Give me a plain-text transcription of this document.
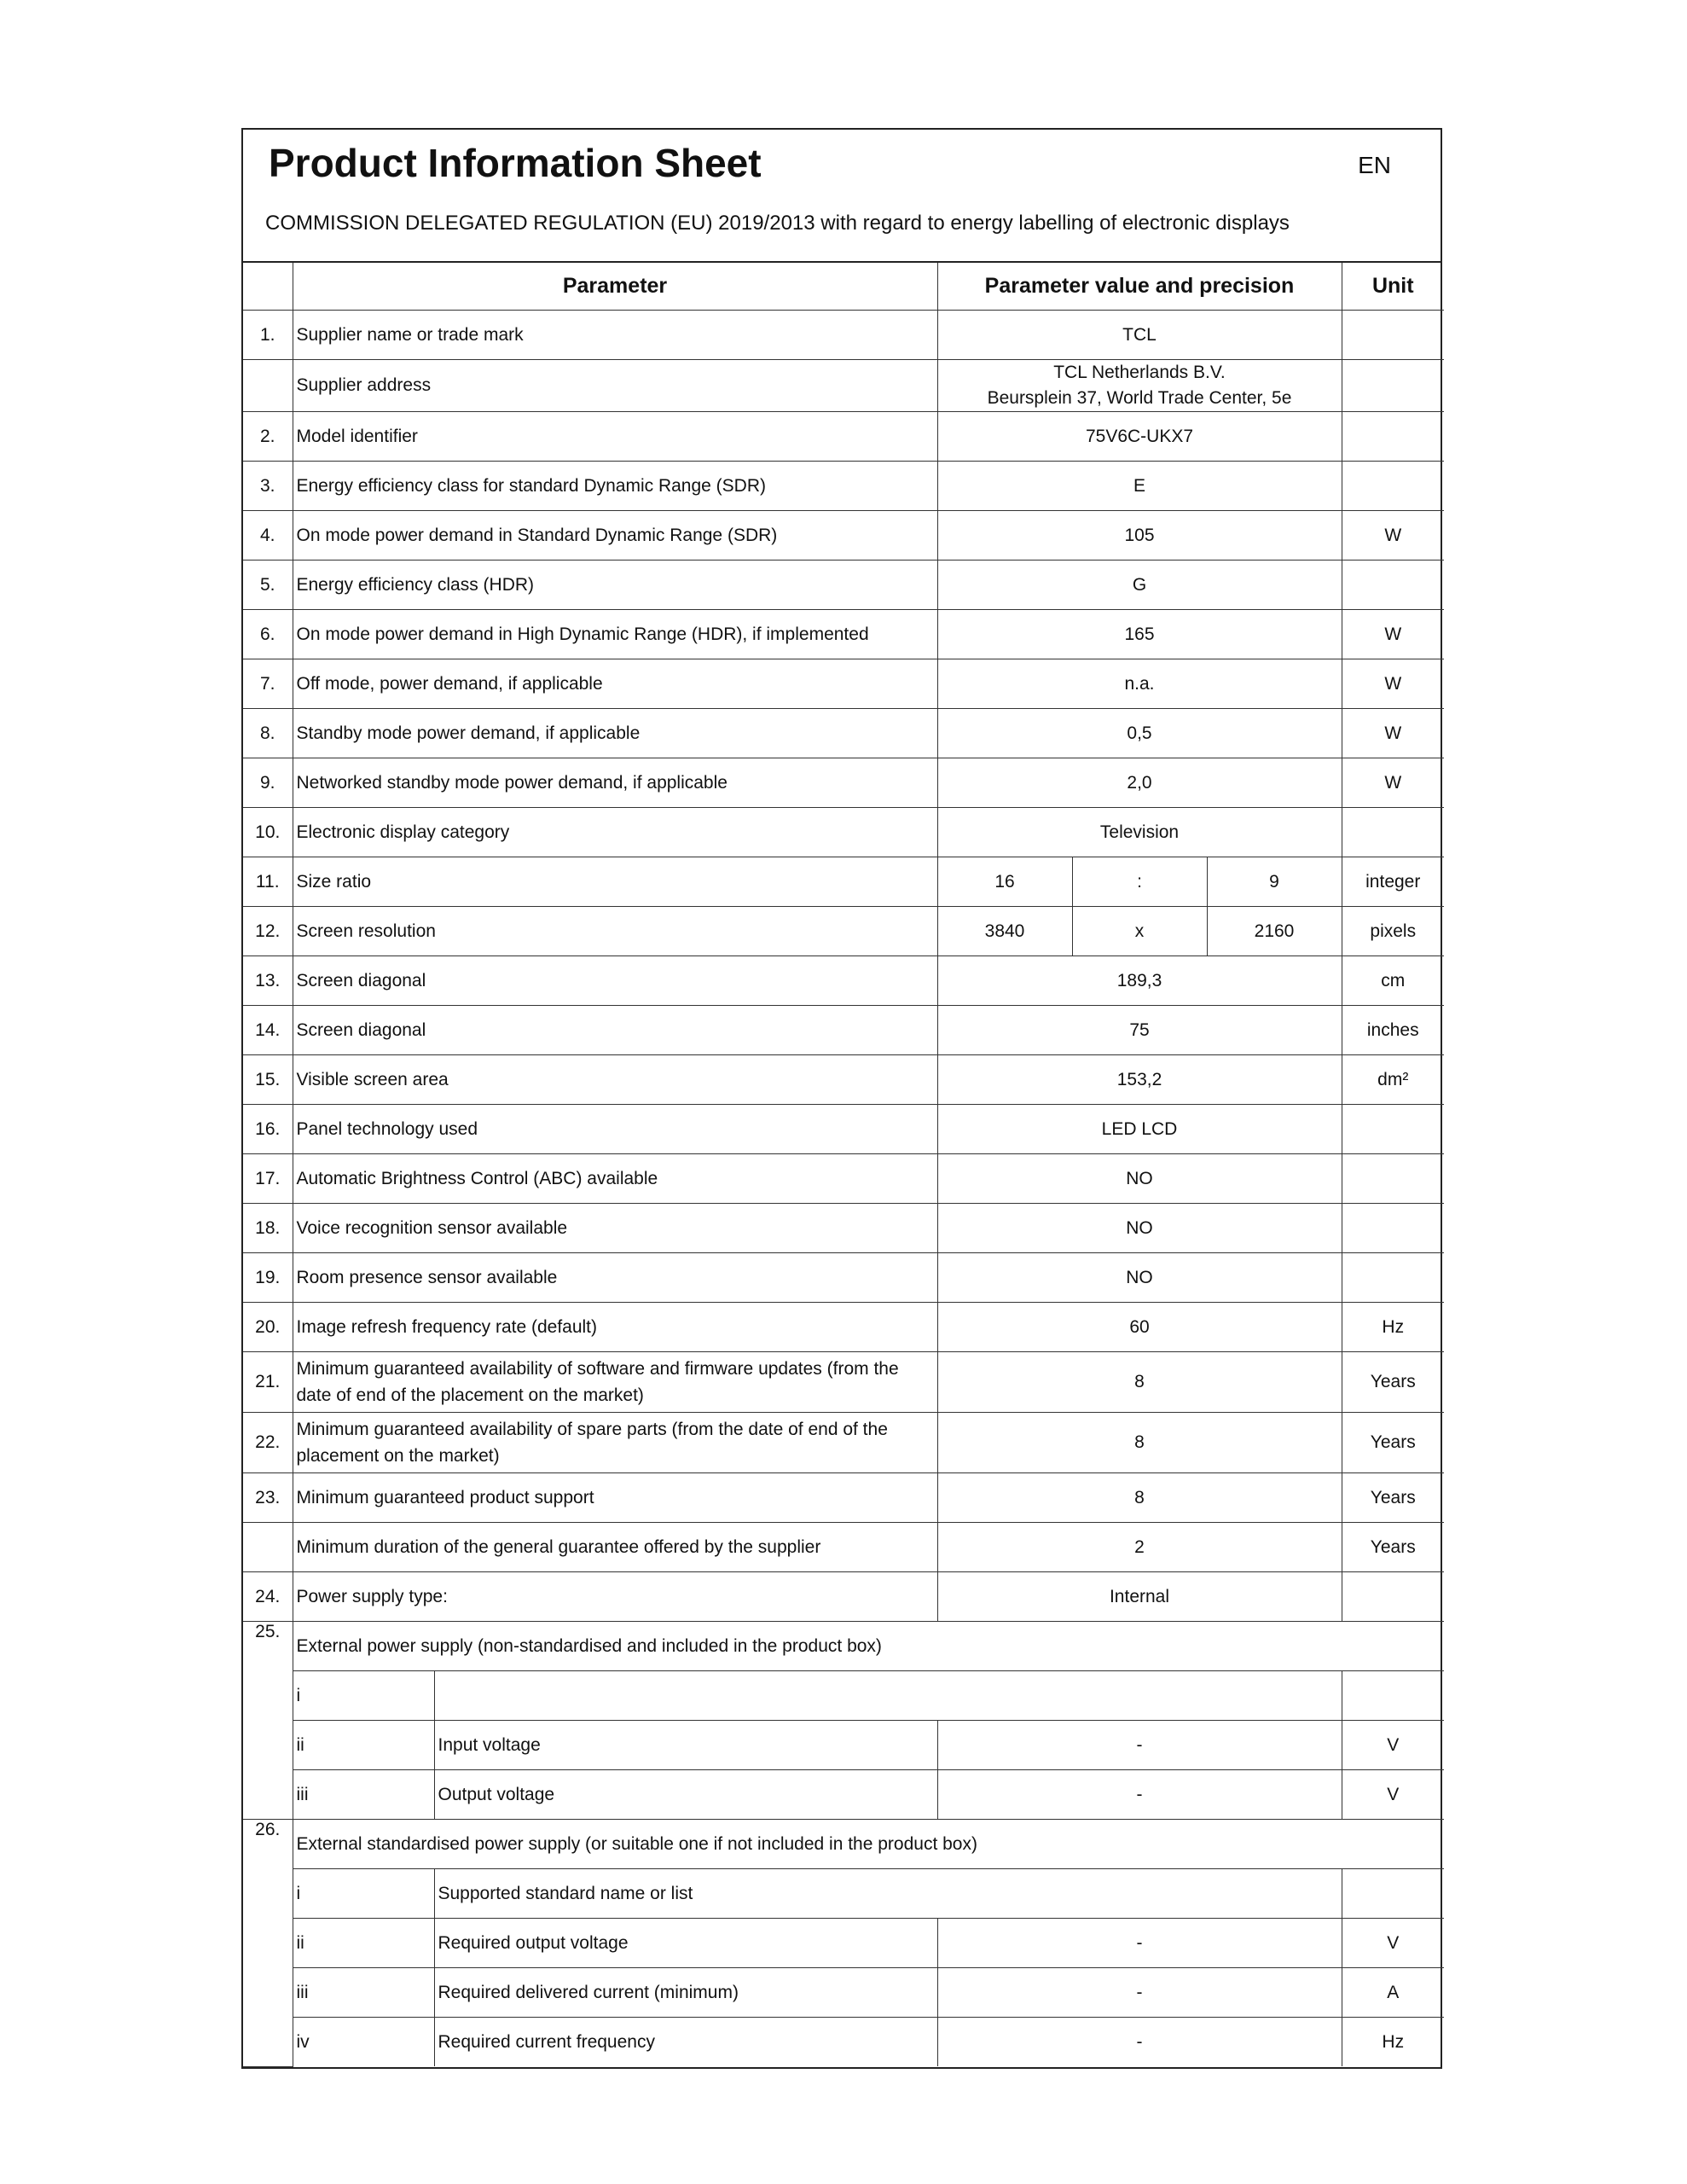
Product Information Sheet	EN
COMMISSION DELEGATED REGULATION (EU) 2019/2013 with regard to energy labelling of electronic displays
	Parameter		Parameter value and precision			Unit
1.	Supplier name or trade mark		TCL			
	Supplier address		TCL Netherlands B.V.
Beursplein 37, World Trade Center, 5e			

2.	Model identifier		75V6C-UKX7			
3.	Energy efficiency class for standard Dynamic Range (SDR)		E			
4.	On mode power demand in Standard Dynamic Range (SDR)		105			W
5.	Energy efficiency class (HDR)		G			
6.	On mode power demand in High Dynamic Range (HDR), if implemented		165			W
7.	Off mode, power demand, if applicable		n.a.			W
8.	Standby mode power demand, if applicable		0,5			W
9.	Networked standby mode power demand, if applicable		2,0			W
10.	Electronic display category		Television			
11.	Size ratio		16	:	9	integer
12.	Screen resolution		3840	x	2160	pixels
13.	Screen diagonal		189,3			cm
14.	Screen diagonal		75			inches
15.	Visible screen area		153,2			dm²
16.	Panel technology used		LED LCD			
17.	Automatic Brightness Control (ABC) available		NO			
18.	Voice recognition sensor available		NO			
19.	Room presence sensor available		NO			
20.	Image refresh frequency rate (default)		60			Hz
21.	Minimum guaranteed availability of software and firmware updates (from the date of end of the placement on the market)		8			Years
22.	Minimum guaranteed availability of spare parts (from the date of end of the placement on the market)		8			Years
23.	Minimum guaranteed product support		8			Years
	Minimum duration of the general guarantee offered by the supplier		2			Years
24.	Power supply type:		Internal			
25.	External power supply (non-standardised and included in the product box)					
	i					
	ii	Input voltage	-			V
	iii	Output voltage	-			V
26.	External standardised power supply (or suitable one if not included in the product box)					
	i	Supported standard name or list				
	ii	Required output voltage	-			V
	iii	Required delivered current (minimum)	-			A
	iv	Required current frequency	-			Hz
